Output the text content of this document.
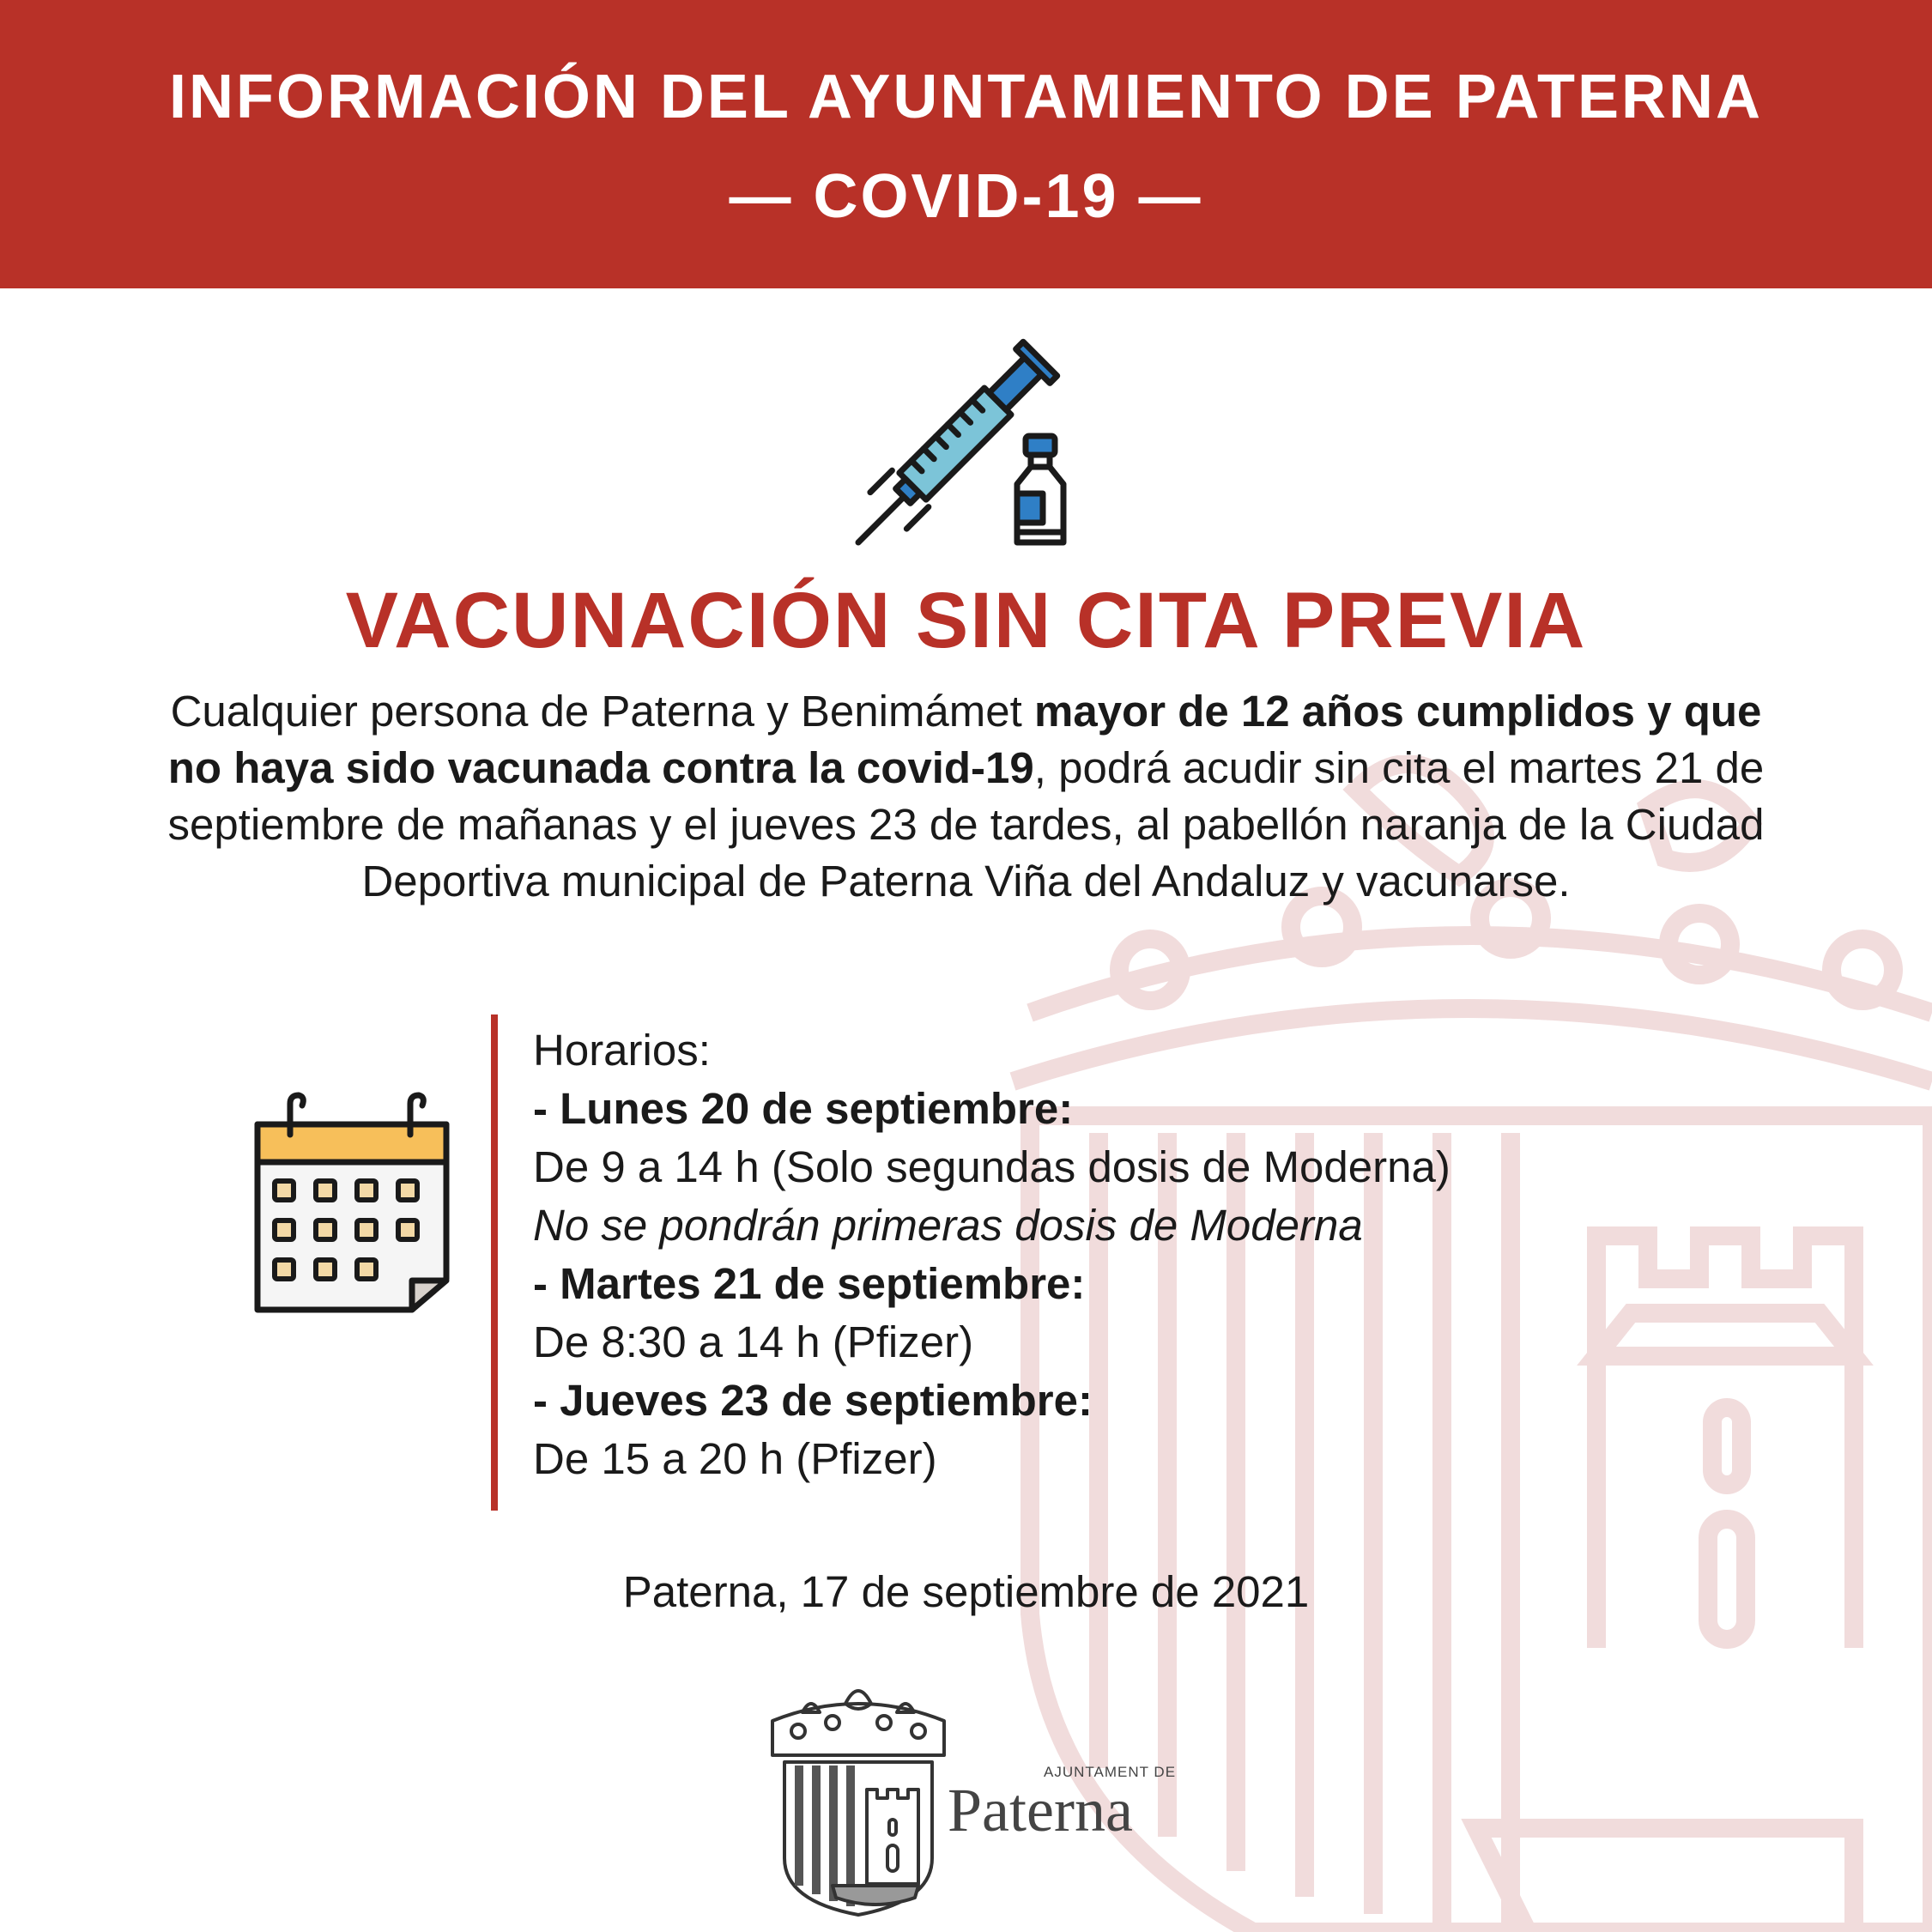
INFORMACIÓN DEL AYUNTAMIENTO DE PATERNA
— COVID-19 —
VACUNACIÓN SIN CITA PREVIA
Cualquier persona de Paterna y Benimámet mayor de 12 años cumplidos y que no haya sido vacunada contra la covid-19, podrá acudir sin cita el martes 21 de septiembre de mañanas y el jueves 23 de tardes, al pabellón naranja de la Ciudad Deportiva municipal de Paterna Viña del Andaluz y vacunarse.
Horarios:
- Lunes 20 de septiembre:
De 9 a 14 h (Solo segundas dosis de Moderna)
No se pondrán primeras dosis de Moderna
- Martes 21 de septiembre:
De 8:30 a 14 h (Pfizer)
- Jueves 23 de septiembre:
De 15 a 20 h (Pfizer)
Paterna, 17 de septiembre de 2021
AJUNTAMENT DE
Paterna
